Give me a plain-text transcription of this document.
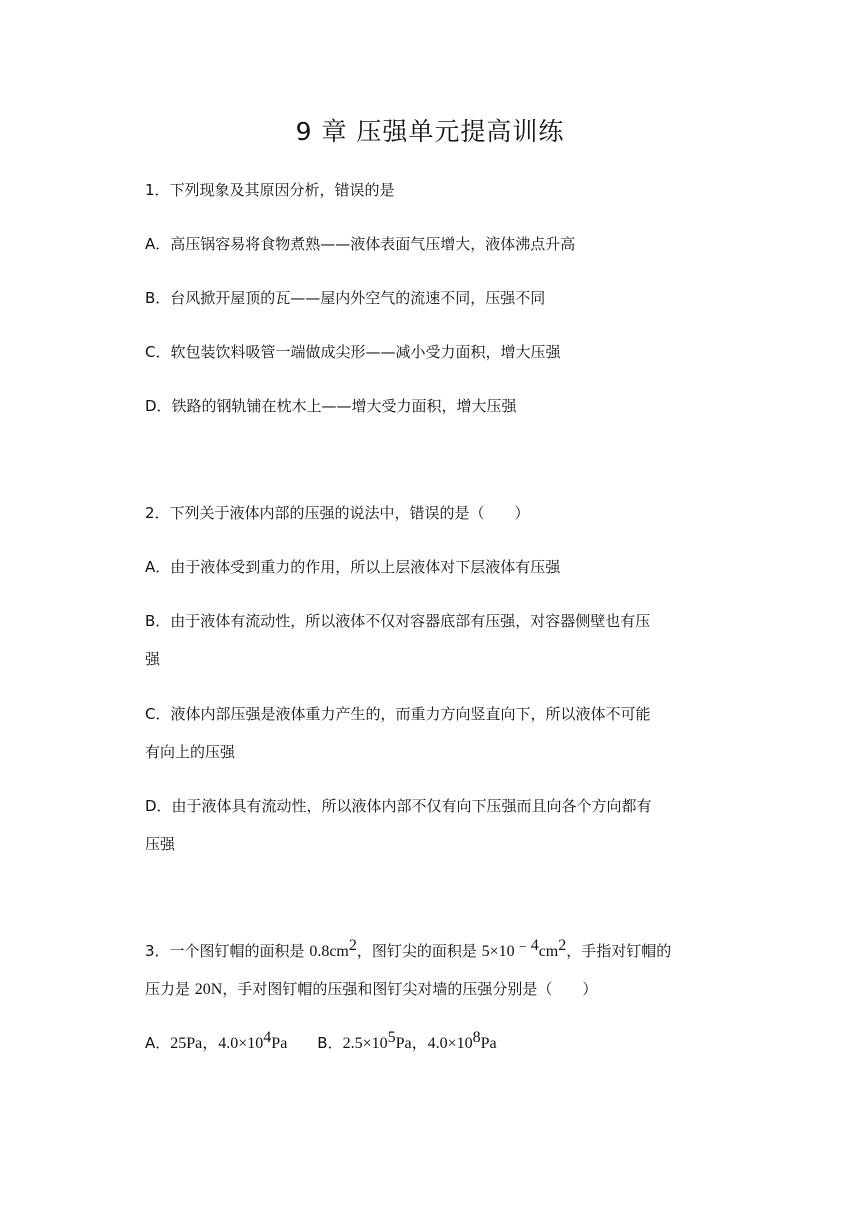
9 章 压强单元提高训练
1．下列现象及其原因分析，错误的是
A．高压锅容易将食物煮熟——液体表面气压增大，液体沸点升高
B．台风掀开屋顶的瓦——屋内外空气的流速不同，压强不同
C．软包装饮料吸管一端做成尖形——减小受力面积，增大压强
D．铁路的钢轨铺在枕木上——增大受力面积，增大压强
2．下列关于液体内部的压强的说法中，错误的是（　　）
A．由于液体受到重力的作用，所以上层液体对下层液体有压强
B．由于液体有流动性，所以液体不仅对容器底部有压强，对容器侧壁也有压
强
C．液体内部压强是液体重力产生的，而重力方向竖直向下，所以液体不可能
有向上的压强
D．由于液体具有流动性，所以液体内部不仅有向下压强而且向各个方向都有
压强
3．一个图钉帽的面积是 $0.8cm^2$，图钉尖的面积是 $5\times 10^{﹣4}cm^2$，手指对钉帽的
压力是 20N，手对图钉帽的压强和图钉尖对墙的压强分别是（　　）
A．25Pa，$4.0\times 10^4Pa$ B．$2.5\times 10^5Pa$，$4.0\times 10^8Pa$
